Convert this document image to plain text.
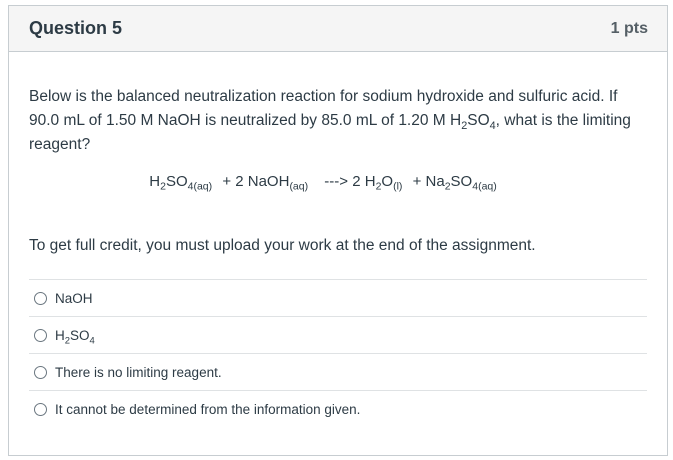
Question 5	1 pts

Below is the balanced neutralization reaction for sodium hydroxide and sulfuric acid. If 90.0 mL of 1.50 M NaOH is neutralized by 85.0 mL of 1.20 M $H_2SO_4$, what is the limiting reagent?

$H_2SO_{4(aq)} + 2$ NaOH$_{(aq)}$ ---> 2 $H_2O_{(l)} + Na_2SO_{4(aq)}$

To get full credit, you must upload your work at the end of the assignment.

NaOH
$H_2SO_4$
There is no limiting reagent.
It cannot be determined from the information given.
